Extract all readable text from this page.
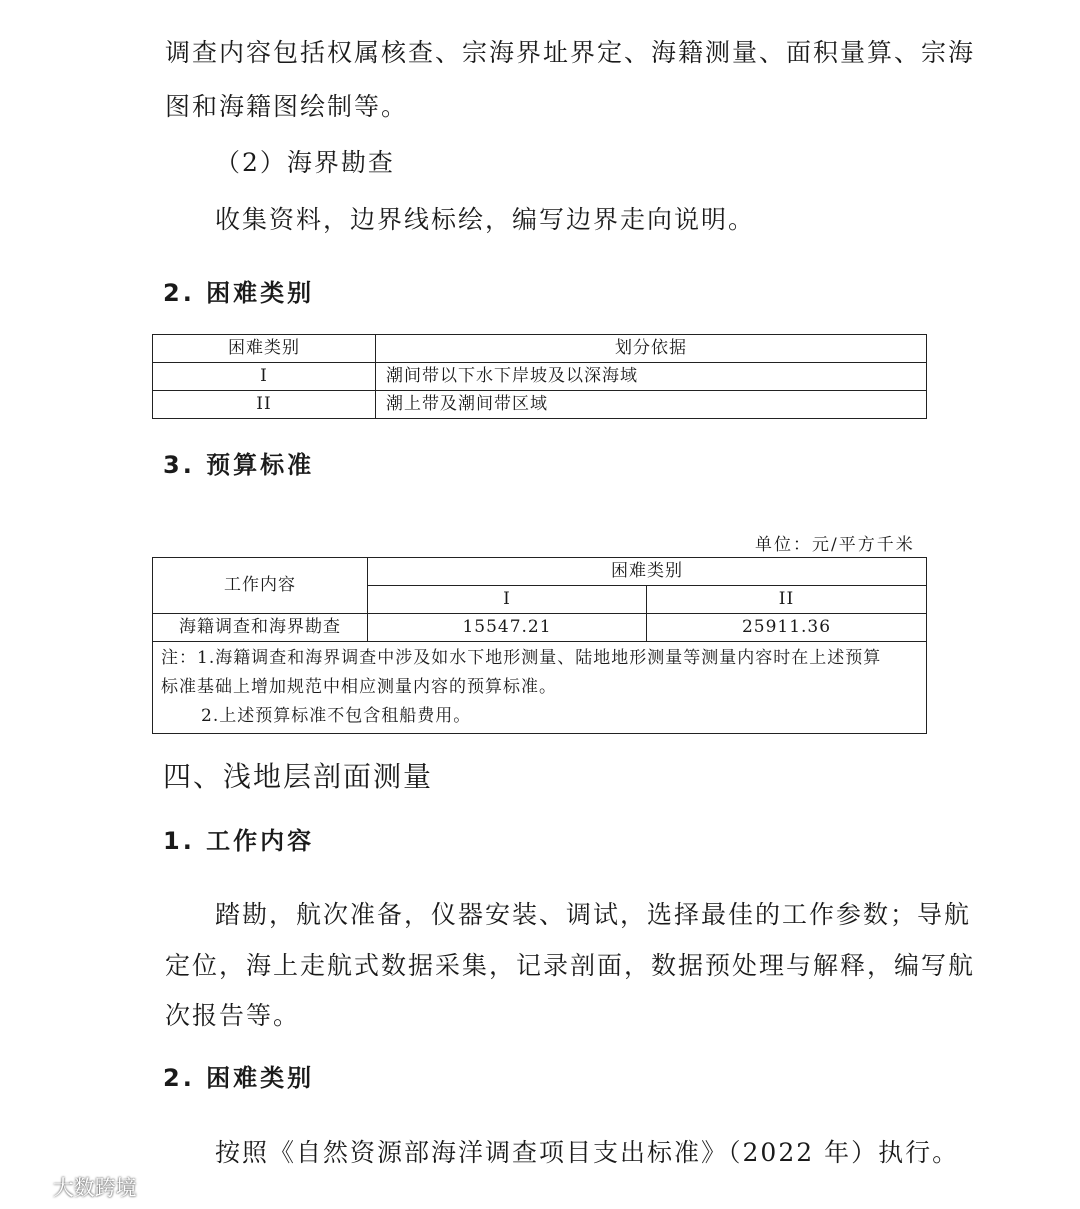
调查内容包括权属核查、宗海界址界定、海籍测量、面积量算、宗海
图和海籍图绘制等。
（2）海界勘查
收集资料，边界线标绘，编写边界走向说明。
2. 困难类别
困难类别	划分依据
I	潮间带以下水下岸坡及以深海域
II	潮上带及潮间带区域
3. 预算标准
单位：元/平方千米
工作内容	困难类别	
	I	II
海籍调查和海界勘查	15547.21	25911.36

注：1.海籍调查和海界调查中涉及如水下地形测量、陆地地形测量等测量内容时在上述预算
标准基础上增加规范中相应测量内容的预算标准。
2.上述预算标准不包含租船费用。		
四、浅地层剖面测量
1. 工作内容
踏勘，航次准备，仪器安装、调试，选择最佳的工作参数；导航
定位，海上走航式数据采集，记录剖面，数据预处理与解释，编写航
次报告等。
2. 困难类别
按照《自然资源部海洋调查项目支出标准》（2022 年）执行。
大数跨境
